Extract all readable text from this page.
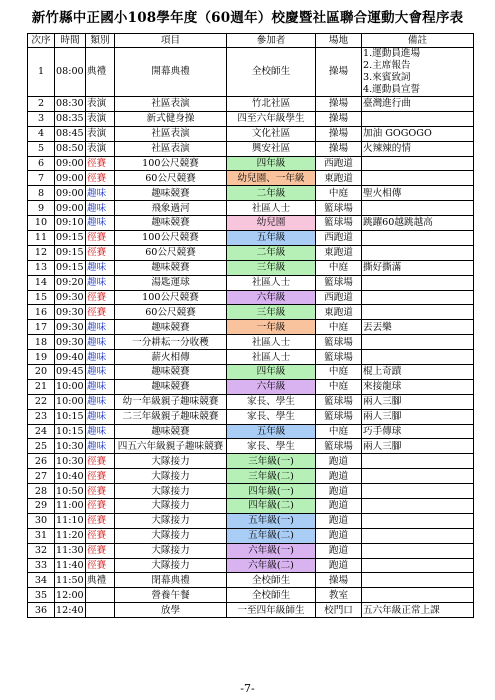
新竹縣中正國小108學年度（60週年）校慶暨社區聯合運動大會程序表
次序	時間	類別	項目	參加者	場地	備註
1	08:00	典禮	開幕典禮	全校師生	操場	1.運動員進場
2.主席報告
3.來賓致詞
4.運動員宣誓

2	08:30	表演	社區表演	竹北社區	操場	臺灣進行曲
3	08:35	表演	新式健身操	四至六年級學生	操場	
4	08:45	表演	社區表演	文化社區	操場	加油 GOGOGO
5	08:50	表演	社區表演	興安社區	操場	火辣辣的情
6	09:00	徑賽	100公尺競賽	四年級	西跑道	
7	09:00	徑賽	60公尺競賽	幼兒園、一年級	東跑道	
8	09:00	趣味	趣味競賽	二年級	中庭	聖火相傳
9	09:00	趣味	飛象過河	社區人士	籃球場	
10	09:10	趣味	趣味競賽	幼兒園	籃球場	跳躍60越跳越高
11	09:15	徑賽	100公尺競賽	五年級	西跑道	
12	09:15	徑賽	60公尺競賽	二年級	東跑道	
13	09:15	趣味	趣味競賽	三年級	中庭	撕好撕滿
14	09:20	趣味	湯匙運球	社區人士	籃球場	
15	09:30	徑賽	100公尺競賽	六年級	西跑道	
16	09:30	徑賽	60公尺競賽	三年級	東跑道	
17	09:30	趣味	趣味競賽	一年級	中庭	丟丟樂
18	09:30	趣味	一分耕耘一分收穫	社區人士	籃球場	
19	09:40	趣味	薪火相傳	社區人士	籃球場	
20	09:45	趣味	趣味競賽	四年級	中庭	棍上奇蹟
21	10:00	趣味	趣味競賽	六年級	中庭	來接龍球
22	10:00	趣味	幼一年級親子趣味競賽	家長、學生	籃球場	兩人三腳
23	10:15	趣味	二三年級親子趣味競賽	家長、學生	籃球場	兩人三腳
24	10:15	趣味	趣味競賽	五年級	中庭	巧手傳球
25	10:30	趣味	四五六年級親子趣味競賽	家長、學生	籃球場	兩人三腳
26	10:30	徑賽	大隊接力	三年級(一)	跑道	
27	10:40	徑賽	大隊接力	三年級(二)	跑道	
28	10:50	徑賽	大隊接力	四年級(一)	跑道	
29	11:00	徑賽	大隊接力	四年級(二)	跑道	
30	11:10	徑賽	大隊接力	五年級(一)	跑道	
31	11:20	徑賽	大隊接力	五年級(二)	跑道	
32	11:30	徑賽	大隊接力	六年級(一)	跑道	
33	11:40	徑賽	大隊接力	六年級(二)	跑道	
34	11:50	典禮	閉幕典禮	全校師生	操場	
35	12:00		營養午餐	全校師生	教室	
36	12:40		放學	一至四年級師生	校門口	五六年級正常上課
-7-
